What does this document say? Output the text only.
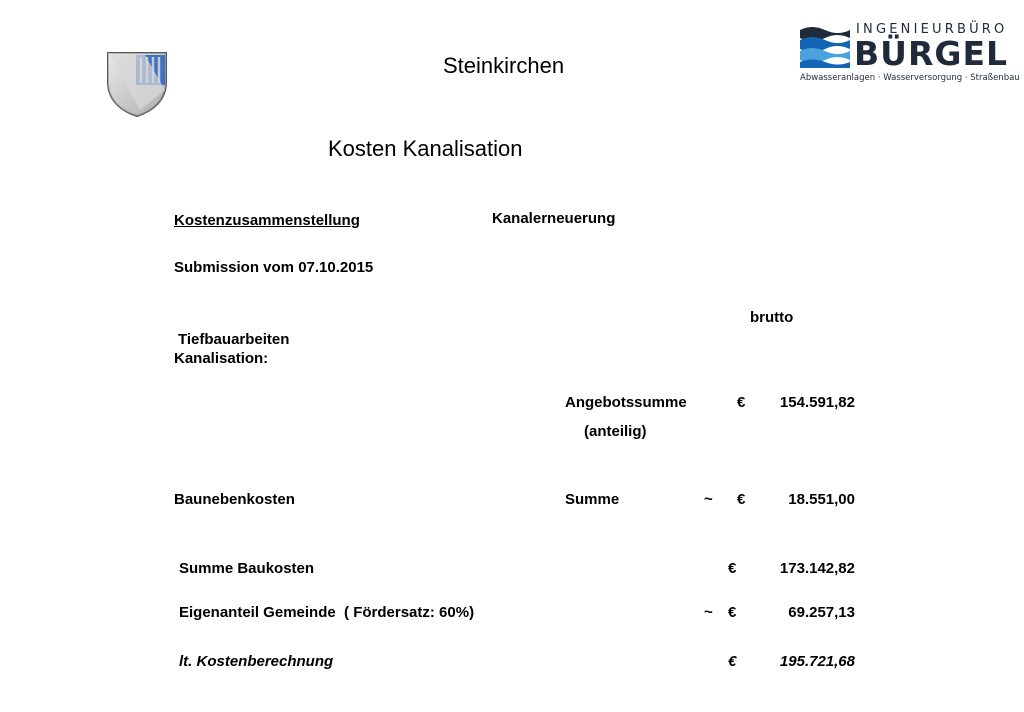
Steinkirchen
INGENIEURBÜRO
BÜRGEL
Abwasseranlagen · Wasserversorgung · Straßenbau
Kosten Kanalisation
Kostenzusammenstellung	Kanalerneuerung
Submission vom 07.10.2015
brutto
Tiefbauarbeiten
Kanalisation:
Angebotssumme	€	154.591,82
(anteilig)
Baunebenkosten	Summe	~ €	18.551,00
Summe Baukosten	€	173.142,82
Eigenanteil Gemeinde  ( Fördersatz: 60%)	~ €	69.257,13
lt. Kostenberechnung	€	195.721,68
